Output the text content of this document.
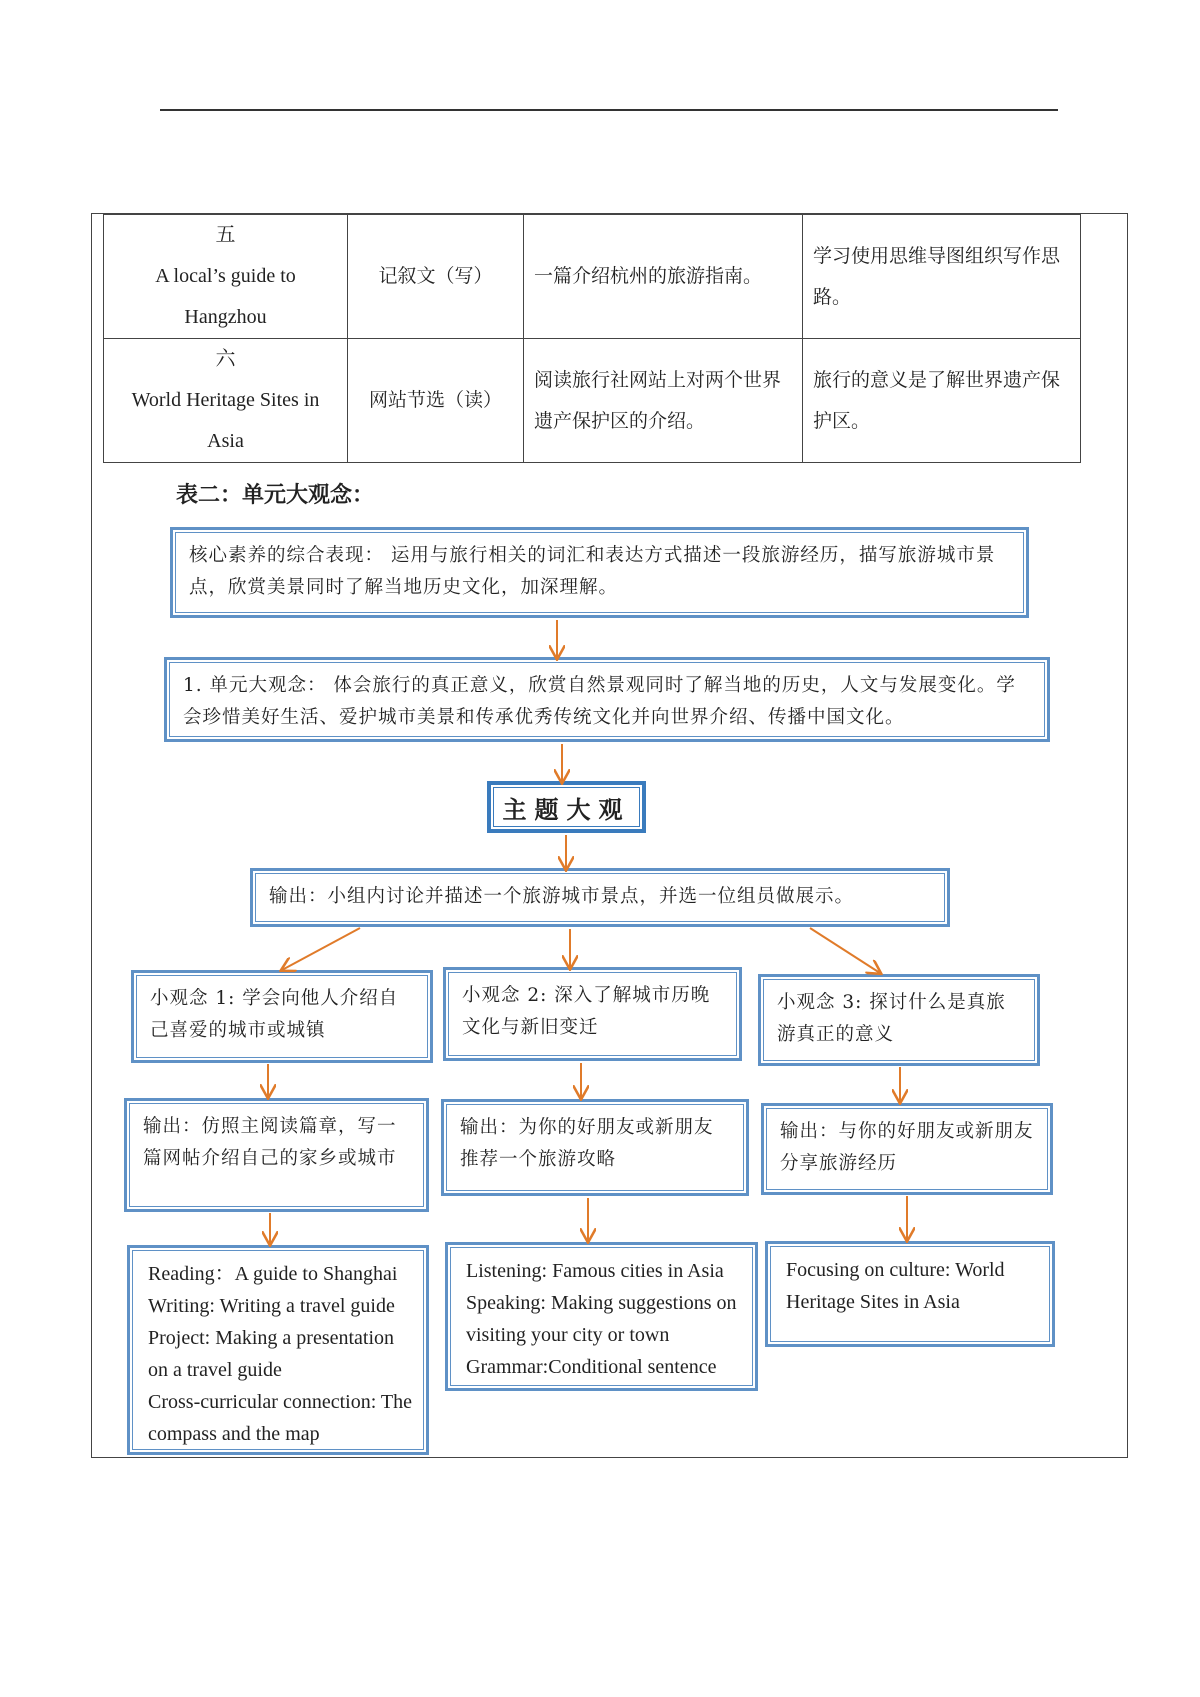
五
A local’s guide to Hangzhou	记叙文（写）	一篇介绍杭州的旅游指南。	学习使用思维导图组织写作思路。

六
World Heritage Sites in Asia	网站节选（读）	阅读旅行社网站上对两个世界遗产保护区的介绍。	旅行的意义是了解世界遗产保护区。
表二：单元大观念：
核心素养的综合表现： 运用与旅行相关的词汇和表达方式描述一段旅游经历，描写旅游城市景点，欣赏美景同时了解当地历史文化，加深理解。
1. 单元大观念： 体会旅行的真正意义，欣赏自然景观同时了解当地的历史，人文与发展变化。学会珍惜美好生活、爱护城市美景和传承优秀传统文化并向世界介绍、传播中国文化。
主题大观
输出：小组内讨论并描述一个旅游城市景点，并选一位组员做展示。
小观念 1: 学会向他人介绍自己喜爱的城市或城镇
小观念 2: 深入了解城市历晚文化与新旧变迁
小观念 3: 探讨什么是真旅游真正的意义
输出：仿照主阅读篇章，写一篇网帖介绍自己的家乡或城市
输出：为你的好朋友或新朋友推荐一个旅游攻略
输出：与你的好朋友或新朋友分享旅游经历
Reading：A guide to Shanghai
Writing: Writing a travel guide
Project: Making a presentation on a travel guide
Cross-curricular connection: The compass and the map
Listening: Famous cities in Asia
Speaking: Making suggestions on visiting your city or town
Grammar:Conditional sentence
Focusing on culture: World Heritage Sites in Asia
